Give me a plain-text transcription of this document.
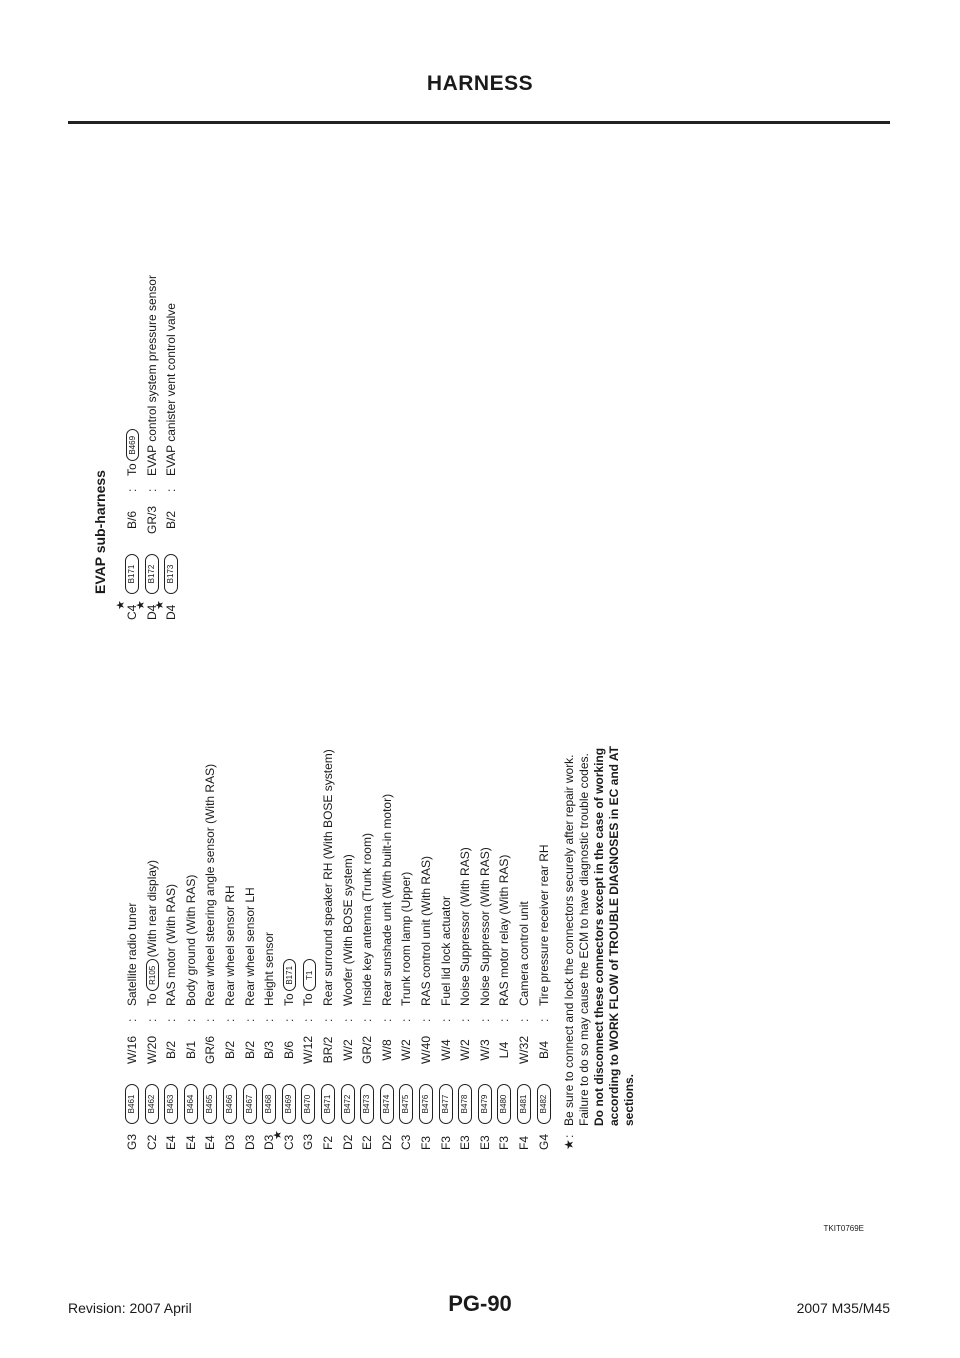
HARNESS
G3
B461
W/16
:
Satellite radio tuner
C2
B462
W/20
:
ToR105(With rear display)
E4
B463
B/2
:
RAS motor (With RAS)
E4
B464
B/1
:
Body ground (With RAS)
E4
B465
GR/6
:
Rear wheel steering angle sensor (With RAS)
D3
B466
B/2
:
Rear wheel sensor RH
D3
B467
B/2
:
Rear wheel sensor LH
D3
B468
B/3
:
Height sensor
C3
★
B469
B/6
:
ToB171
G3
B470
W/12
:
ToT1
F2
B471
BR/2
:
Rear surround speaker RH (With BOSE system)
D2
B472
W/2
:
Woofer (With BOSE system)
E2
B473
GR/2
:
Inside key antenna (Trunk room)
D2
B474
W/8
:
Rear sunshade unit (With built-in motor)
C3
B475
W/2
:
Trunk room lamp (Upper)
F3
B476
W/40
:
RAS control unit (With RAS)
F3
B477
W/4
:
Fuel lid lock actuator
E3
B478
W/2
:
Noise Suppressor (With RAS)
E3
B479
W/3
:
Noise Suppressor (With RAS)
F3
B480
L/4
:
RAS motor relay (With RAS)
F4
B481
W/32
:
Camera control unit
G4
B482
B/4
:
Tire pressure receiver rear RH
EVAP sub-harness
C4
★
B171
B/6
:
ToB469
D4
★
B172
GR/3
:
EVAP control system pressure sensor
D4
★
B173
B/2
:
EVAP canister vent control valve
★
:
Be sure to connect and lock the connectors securely after repair work. Failure to do so may cause the ECM to have diagnostic trouble codes. Do not disconnect these connectors except in the case of working according to WORK FLOW of TROUBLE DIAGNOSES in EC and AT sections.
TKIT0769E
Revision: 2007 April	PG-90	2007 M35/M45
